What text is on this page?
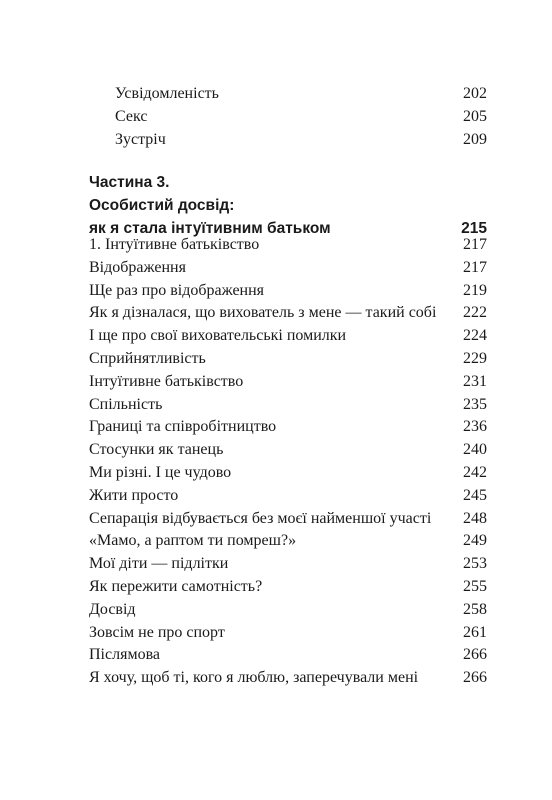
Усвідомленість	202
Секс	205
Зустріч	209
Частина 3.
Особистий досвід:
як я стала інтуїтивним батьком	215
1. Інтуїтивне батьківство	217
Відображення	217
Ще раз про відображення	219
Як я дізналася, що вихователь з мене — такий собі 222
І ще про свої виховательські помилки	224
Сприйнятливість	229
Інтуїтивне батьківство	231
Спільність	235
Границі та співробітництво	236
Стосунки як танець	240
Ми різні. І це чудово	242
Жити просто	245
Сепарація відбувається без моєї найменшої участі 248
«Мамо, а раптом ти помреш?»	249
Мої діти — підлітки	253
Як пережити самотність?	255
Досвід	258
Зовсім не про спорт	261
Післямова	266
Я хочу, щоб ті, кого я люблю, заперечували мені	266
